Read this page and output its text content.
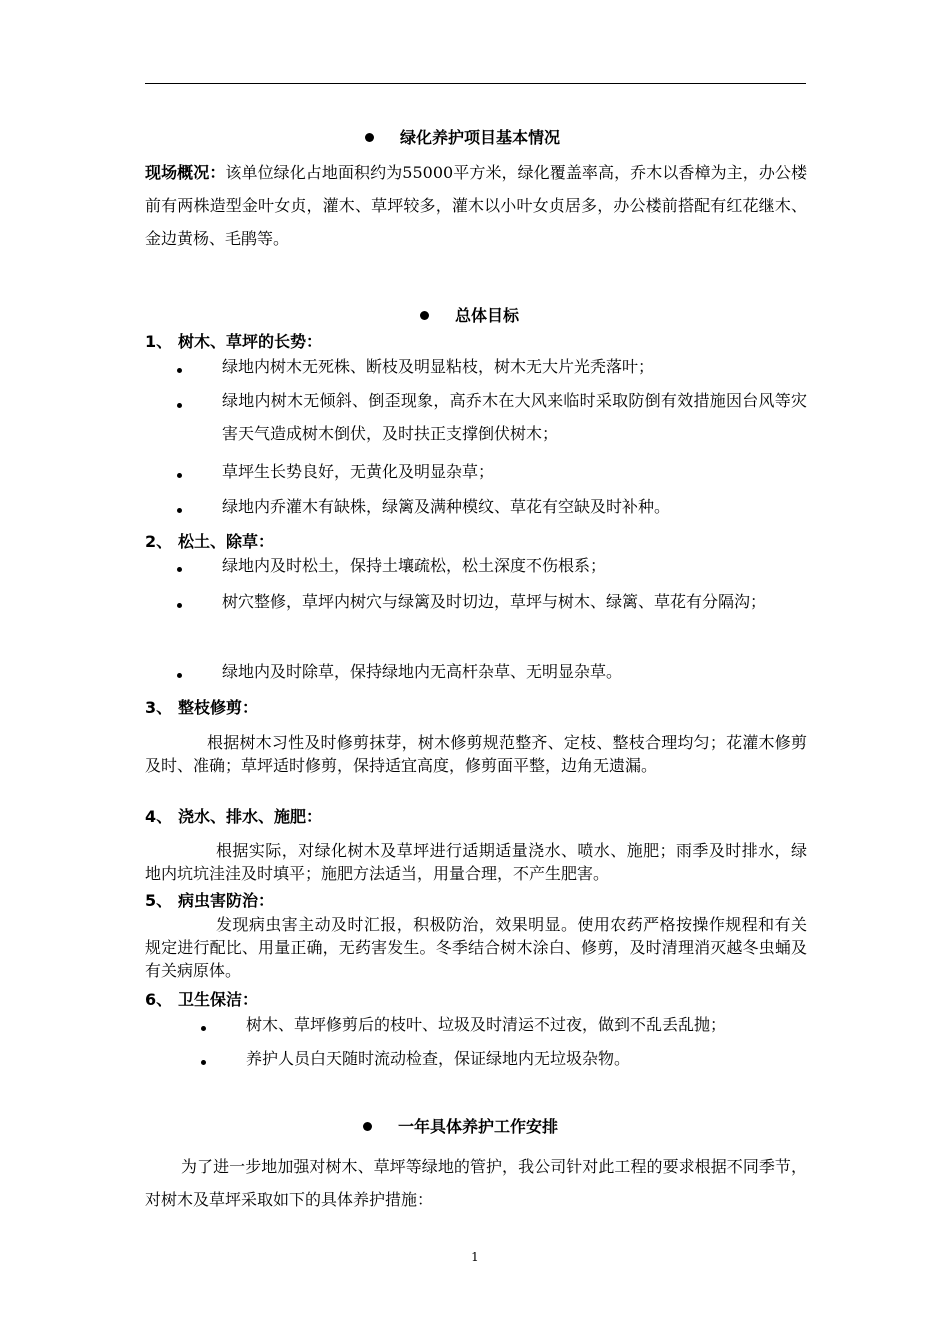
绿化养护项目基本情况
现场概况：该单位绿化占地面积约为55000平方米，绿化覆盖率高，乔木以香樟为主，办公楼前有两株造型金叶女贞，灌木、草坪较多，灌木以小叶女贞居多，办公楼前搭配有红花继木、金边黄杨、毛鹃等。
总体目标
1、 树木、草坪的长势：
绿地内树木无死株、断枝及明显粘枝，树木无大片光秃落叶；
绿地内树木无倾斜、倒歪现象，高乔木在大风来临时采取防倒有效措施因台风等灾害天气造成树木倒伏，及时扶正支撑倒伏树木；
草坪生长势良好，无黄化及明显杂草；
绿地内乔灌木有缺株，绿篱及满种模纹、草花有空缺及时补种。
2、 松土、除草：
绿地内及时松土，保持土壤疏松，松土深度不伤根系；
树穴整修，草坪内树穴与绿篱及时切边，草坪与树木、绿篱、草花有分隔沟；
绿地内及时除草，保持绿地内无高杆杂草、无明显杂草。
3、 整枝修剪：
根据树木习性及时修剪抹芽，树木修剪规范整齐、定枝、整枝合理均匀；花灌木修剪及时、准确；草坪适时修剪，保持适宜高度，修剪面平整，边角无遗漏。
4、 浇水、排水、施肥：
根据实际，对绿化树木及草坪进行适期适量浇水、喷水、施肥；雨季及时排水，绿地内坑坑洼洼及时填平；施肥方法适当，用量合理，不产生肥害。
5、 病虫害防治：
发现病虫害主动及时汇报，积极防治，效果明显。使用农药严格按操作规程和有关规定进行配比、用量正确，无药害发生。冬季结合树木涂白、修剪，及时清理消灭越冬虫蛹及有关病原体。
6、 卫生保洁：
树木、草坪修剪后的枝叶、垃圾及时清运不过夜，做到不乱丢乱抛；
养护人员白天随时流动检查，保证绿地内无垃圾杂物。
一年具体养护工作安排
为了进一步地加强对树木、草坪等绿地的管护，我公司针对此工程的要求根据不同季节，对树木及草坪采取如下的具体养护措施：
1
